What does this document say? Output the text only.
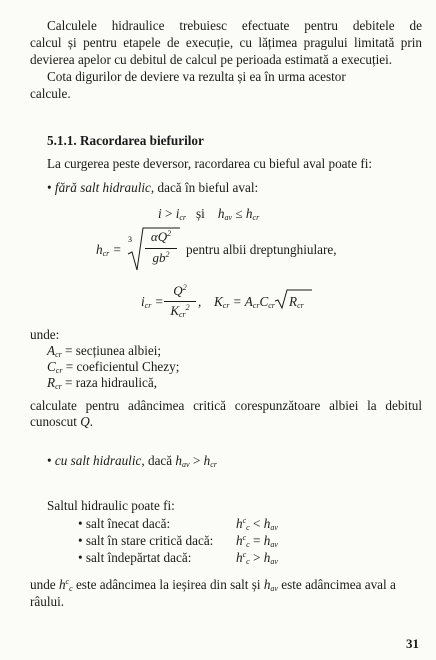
Calculele hidraulice trebuiesc efectuate pentru debitele de

calcul și pentru etapele de execuție, cu lățimea pragului limitată prin

devierea apelor cu debitul de calcul pe perioada estimată a execuției.

Cota digurilor de deviere va rezulta și ea în urma acestor

calcule.

5.1.1. Racordarea biefurilor

La curgerea peste deversor, racordarea cu bieful aval poate fi:

• fără salt hidraulic, dacă în bieful aval:

$i > i_{cr}$ și $h_{av} \le h_{cr}$

$h_{cr}$ =
3	$\alpha Q^2$
$gb^2$	pentru albii dreptunghiulare,
$i_{cr}$ =
$Q^2$
$K_{cr}^2$ , $K_{cr} = A_{cr}C_{cr}$ $R_{cr}$

unde:

$A_{cr}$ = secțiunea albiei;

$C_{cr}$ = coeficientul Chezy;

$R_{cr}$ = raza hidraulică,

calculate pentru adâncimea critică corespunzătoare albiei la debitul

cunoscut Q.

• cu salt hidraulic, dacă $h_{av} > h_{cr}$

Saltul hidraulic poate fi:

• salt înecat dacă:	$h^c_c < h_{av}$

• salt în stare critică dacă: $h^c_c = h_{av}$

• salt îndepărtat dacă:	$h^c_c > h_{av}$

unde $h^c_c$ este adâncimea la ieșirea din salt și $h_{av}$ este adâncimea aval a

râului.

31
